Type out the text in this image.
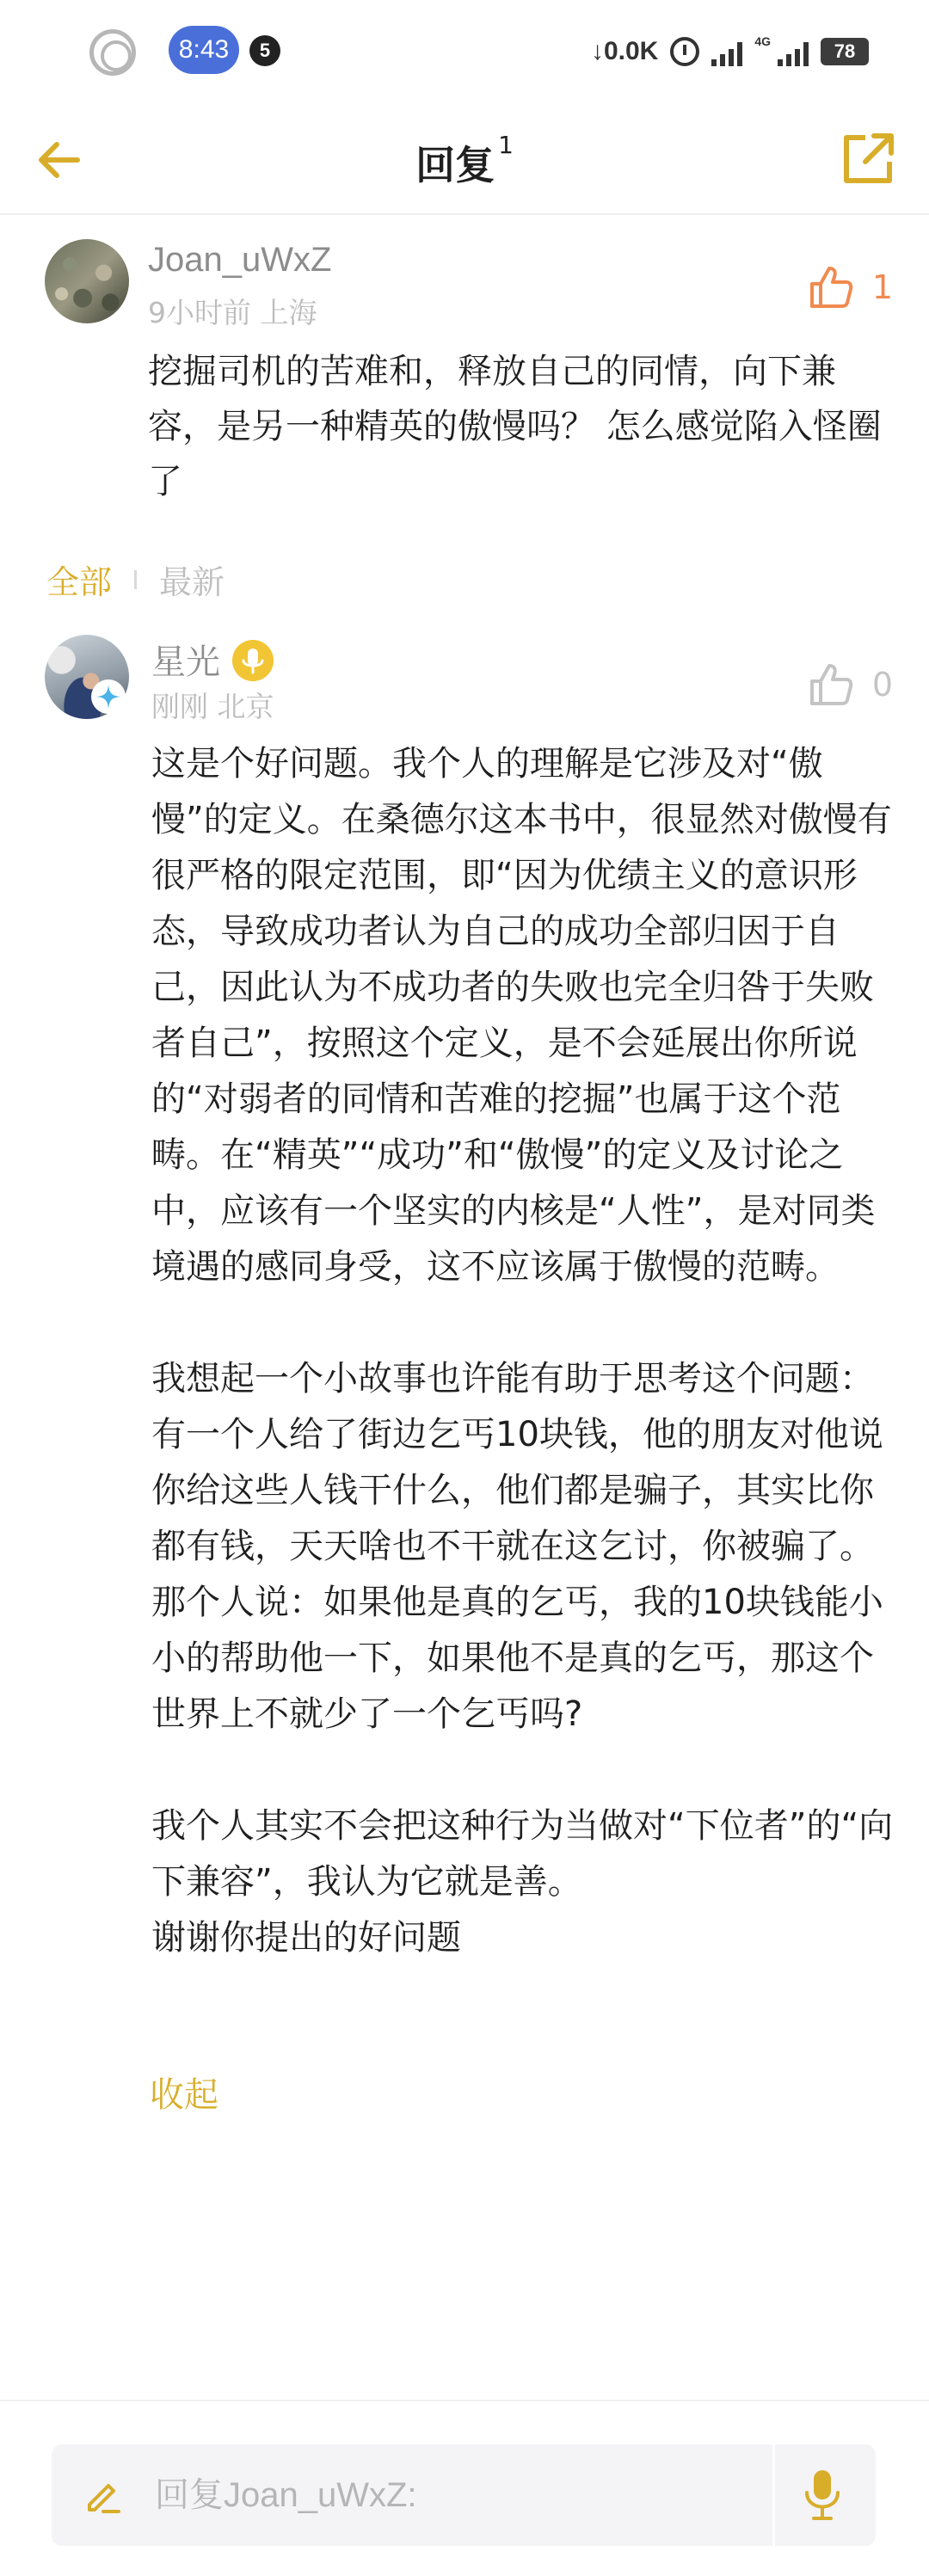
8:43	5	↓0.0K	4G	78
回复 $^1$
Joan_uWxZ
9小时前 上海
1
挖掘司机的苦难和，释放自己的同情，向下兼容，是另一种精英的傲慢吗？ 怎么感觉陷入怪圈了
全部 最新
星光
刚刚 北京
0

这是个好问题。我个人的理解是它涉及对“傲慢”的定义。在桑德尔这本书中，很显然对傲慢有很严格的限定范围，即“因为优绩主义的意识形态，导致成功者认为自己的成功全部归因于自己，因此认为不成功者的失败也完全归咎于失败者自己”，按照这个定义，是不会延展出你所说的“对弱者的同情和苦难的挖掘”也属于这个范畴。在“精英”“成功”和“傲慢”的定义及讨论之中，应该有一个坚实的内核是“人性”，是对同类境遇的感同身受，这不应该属于傲慢的范畴。

我想起一个小故事也许能有助于思考这个问题：有一个人给了街边乞丐10块钱，他的朋友对他说你给这些人钱干什么，他们都是骗子，其实比你都有钱，天天啥也不干就在这乞讨，你被骗了。那个人说：如果他是真的乞丐，我的10块钱能小小的帮助他一下，如果他不是真的乞丐，那这个世界上不就少了一个乞丐吗?

我个人其实不会把这种行为当做对“下位者”的“向下兼容”，我认为它就是善。

谢谢你提出的好问题

收起
回复Joan_uWxZ:
